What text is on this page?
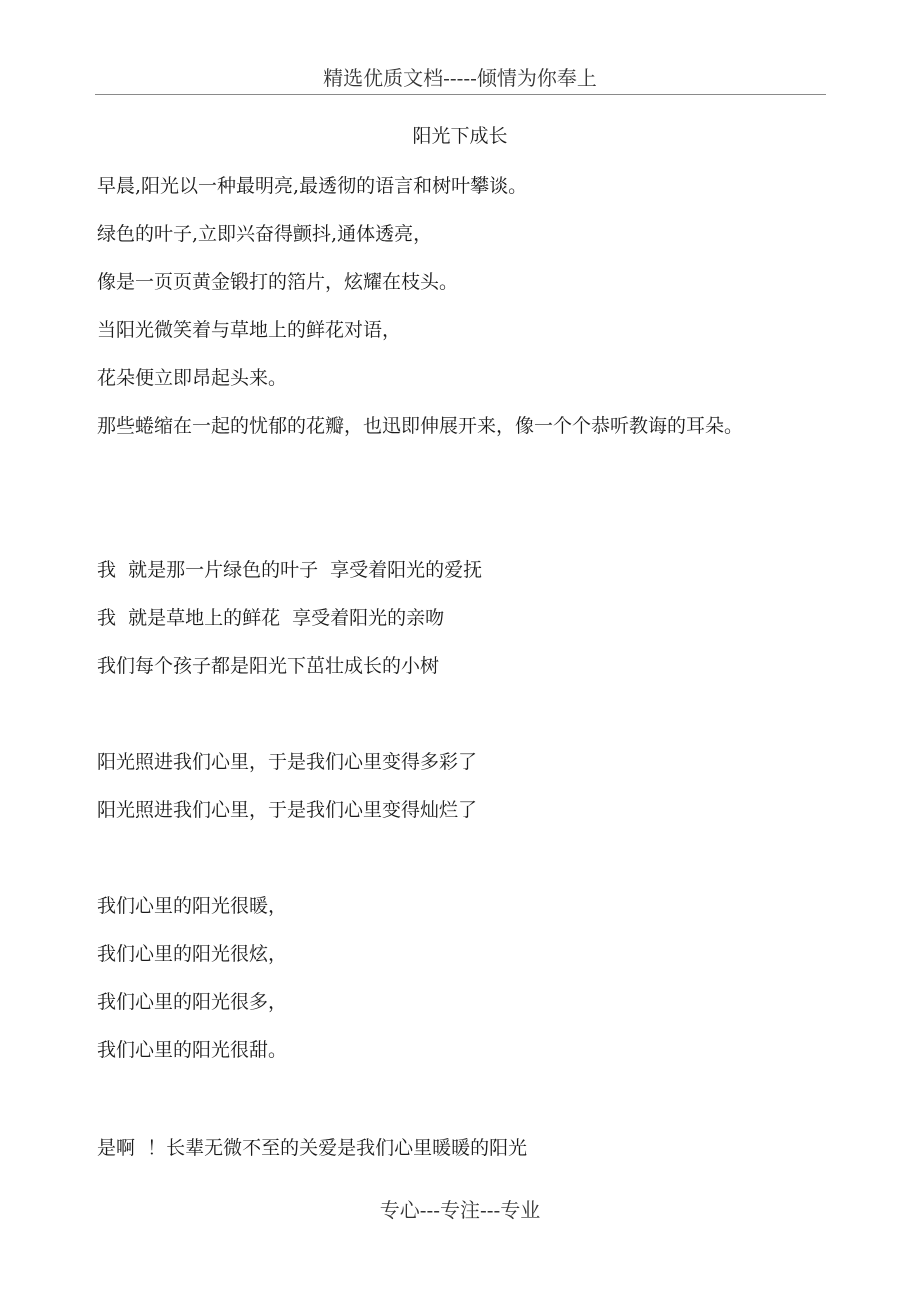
精选优质文档-----倾情为你奉上
阳光下成长
早晨,阳光以一种最明亮,最透彻的语言和树叶攀谈。
绿色的叶子,立即兴奋得颤抖,通体透亮，
像是一页页黄金锻打的箔片，炫耀在枝头。
当阳光微笑着与草地上的鲜花对语，
花朵便立即昂起头来。
那些蜷缩在一起的忧郁的花瓣，也迅即伸展开来，像一个个恭听教诲的耳朵。
我  就是那一片绿色的叶子  享受着阳光的爱抚
我  就是草地上的鲜花  享受着阳光的亲吻
我们每个孩子都是阳光下茁壮成长的小树
阳光照进我们心里，于是我们心里变得多彩了
阳光照进我们心里，于是我们心里变得灿烂了
我们心里的阳光很暖，
我们心里的阳光很炫，
我们心里的阳光很多，
我们心里的阳光很甜。
是啊  ！长辈无微不至的关爱是我们心里暖暖的阳光
专心---专注---专业
